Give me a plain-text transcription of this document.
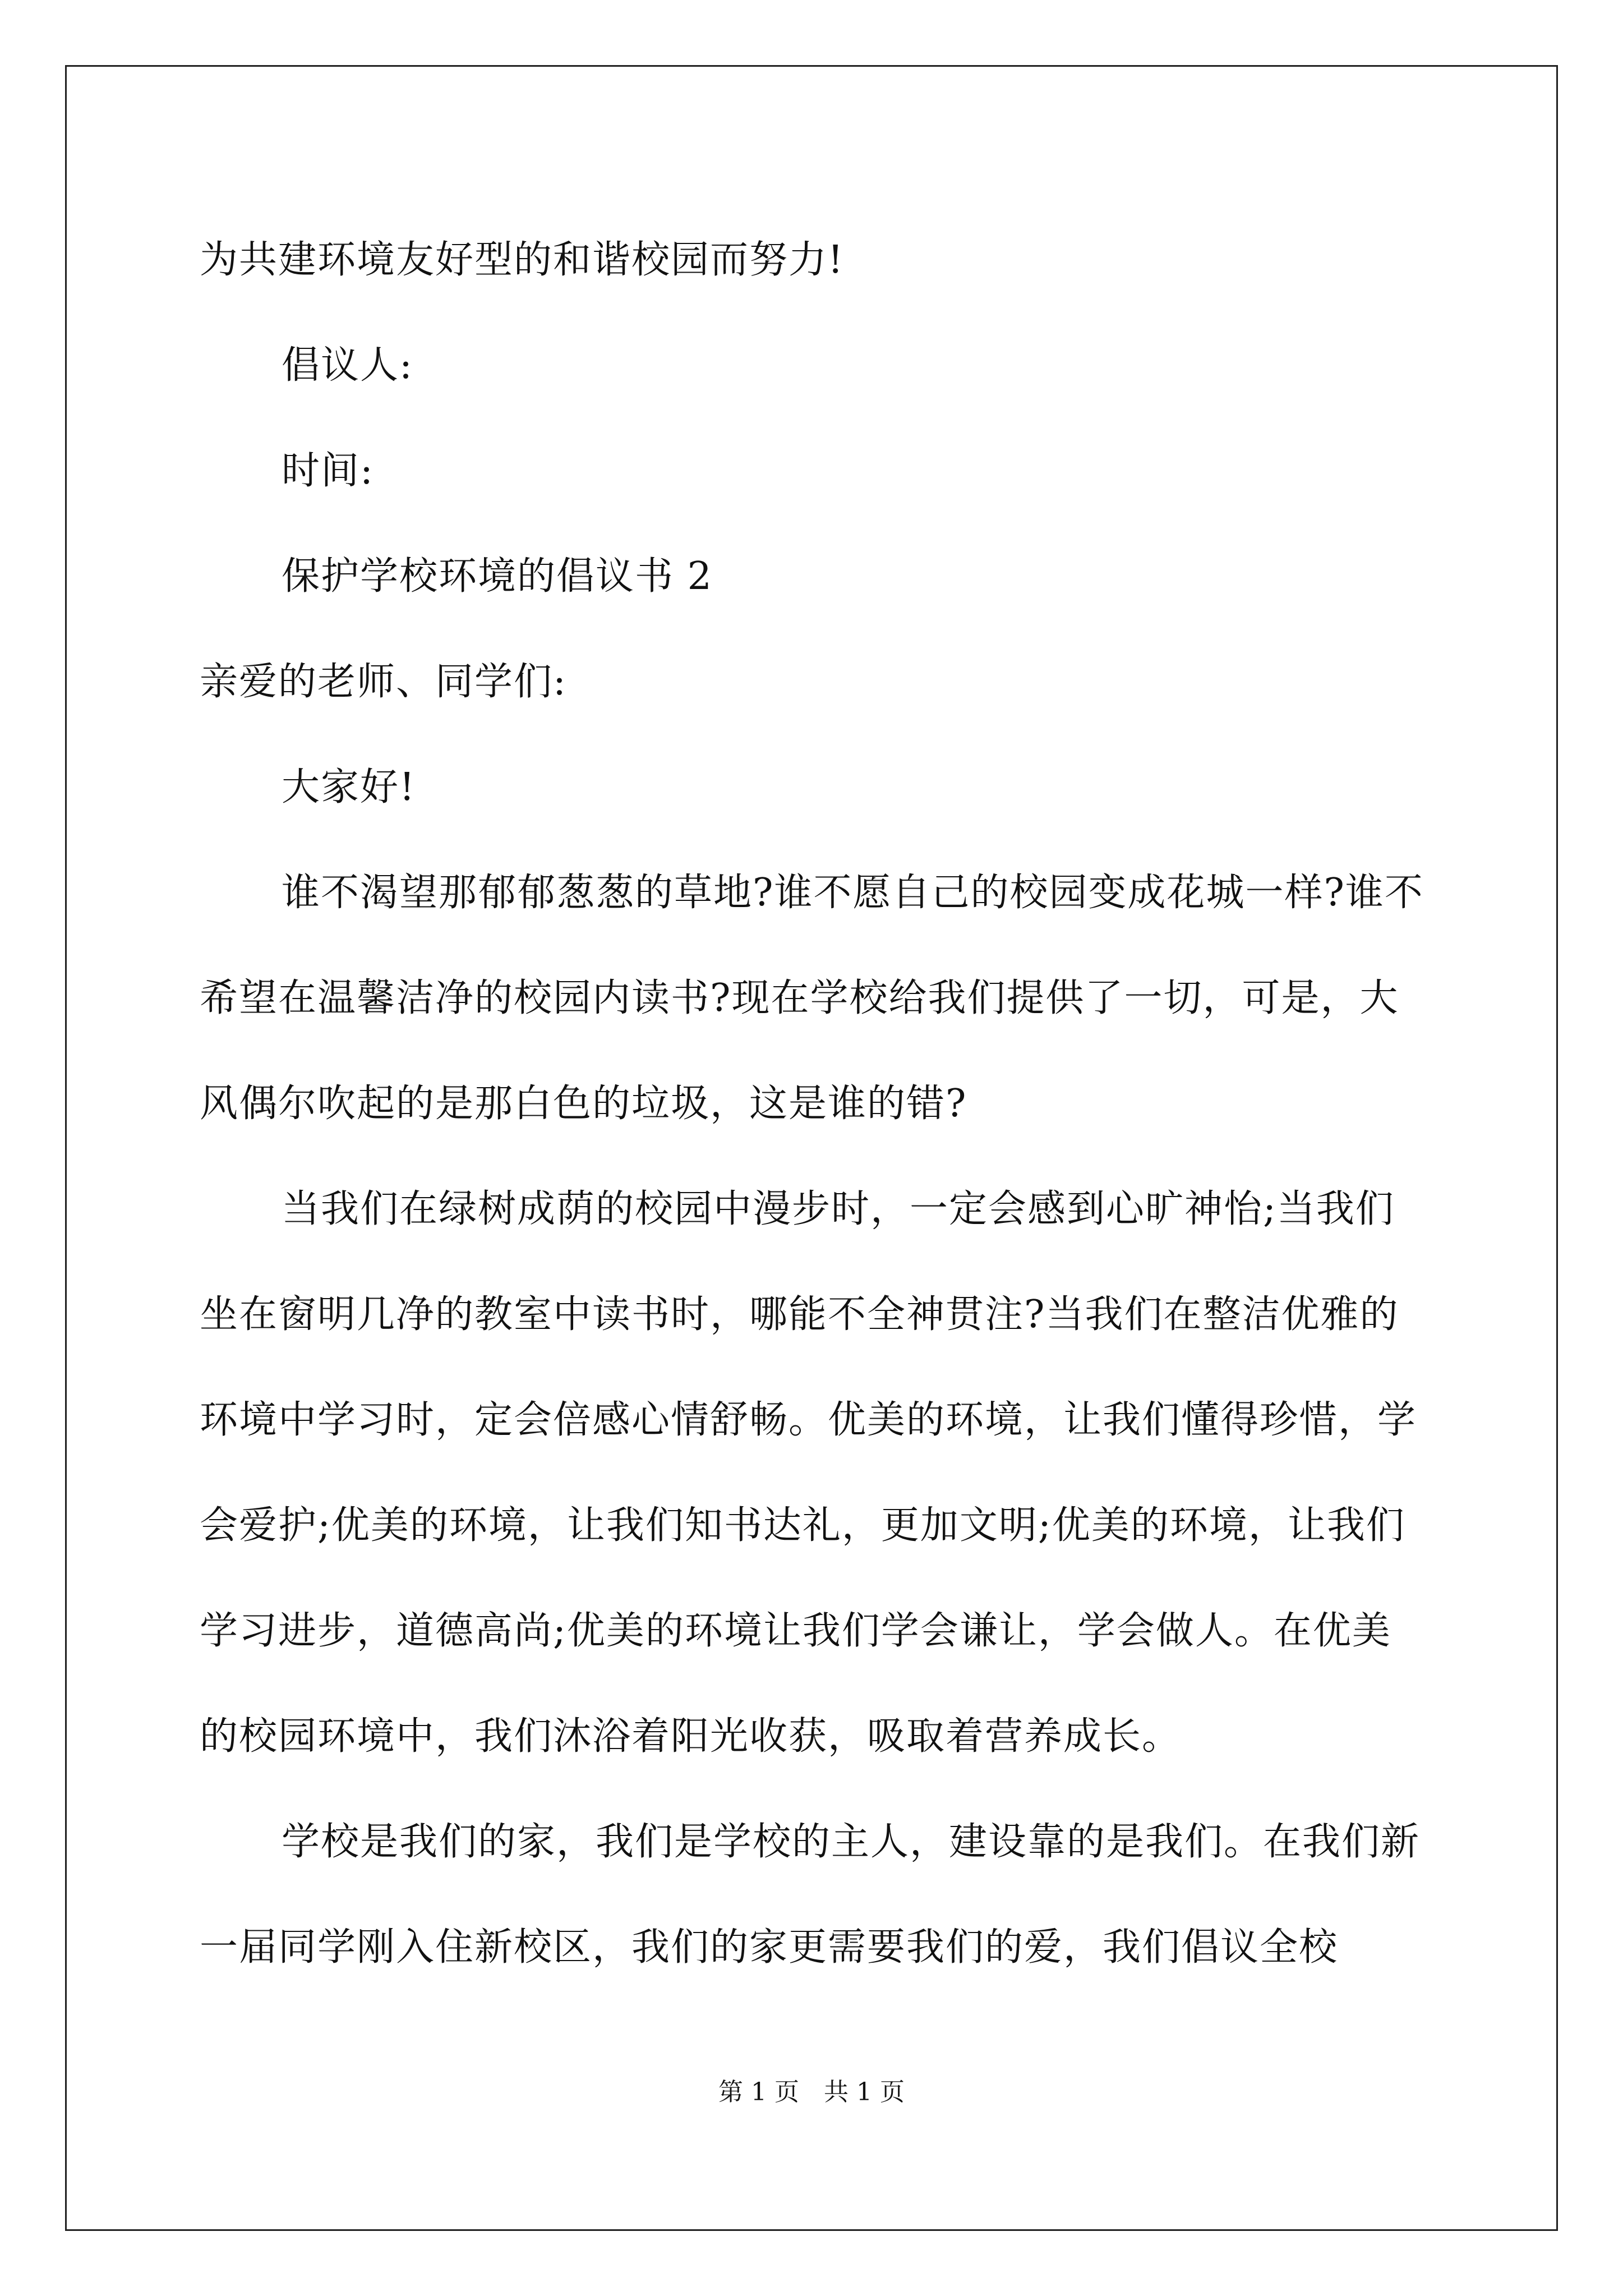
为共建环境友好型的和谐校园而努力!

倡议人:

时间:

保护学校环境的倡议书 2

亲爱的老师、同学们:

大家好!

谁不渴望那郁郁葱葱的草地?谁不愿自己的校园变成花城一样?谁不希望在温馨洁净的校园内读书?现在学校给我们提供了一切，可是，大风偶尔吹起的是那白色的垃圾，这是谁的错?

当我们在绿树成荫的校园中漫步时，一定会感到心旷神怡;当我们坐在窗明几净的教室中读书时，哪能不全神贯注?当我们在整洁优雅的环境中学习时，定会倍感心情舒畅。优美的环境，让我们懂得珍惜，学会爱护;优美的环境，让我们知书达礼，更加文明;优美的环境，让我们学习进步，道德高尚;优美的环境让我们学会谦让，学会做人。在优美的校园环境中，我们沐浴着阳光收获，吸取着营养成长。

学校是我们的家，我们是学校的主人，建设靠的是我们。在我们新一届同学刚入住新校区，我们的家更需要我们的爱，我们倡议全校

第 1 页 共 1 页
